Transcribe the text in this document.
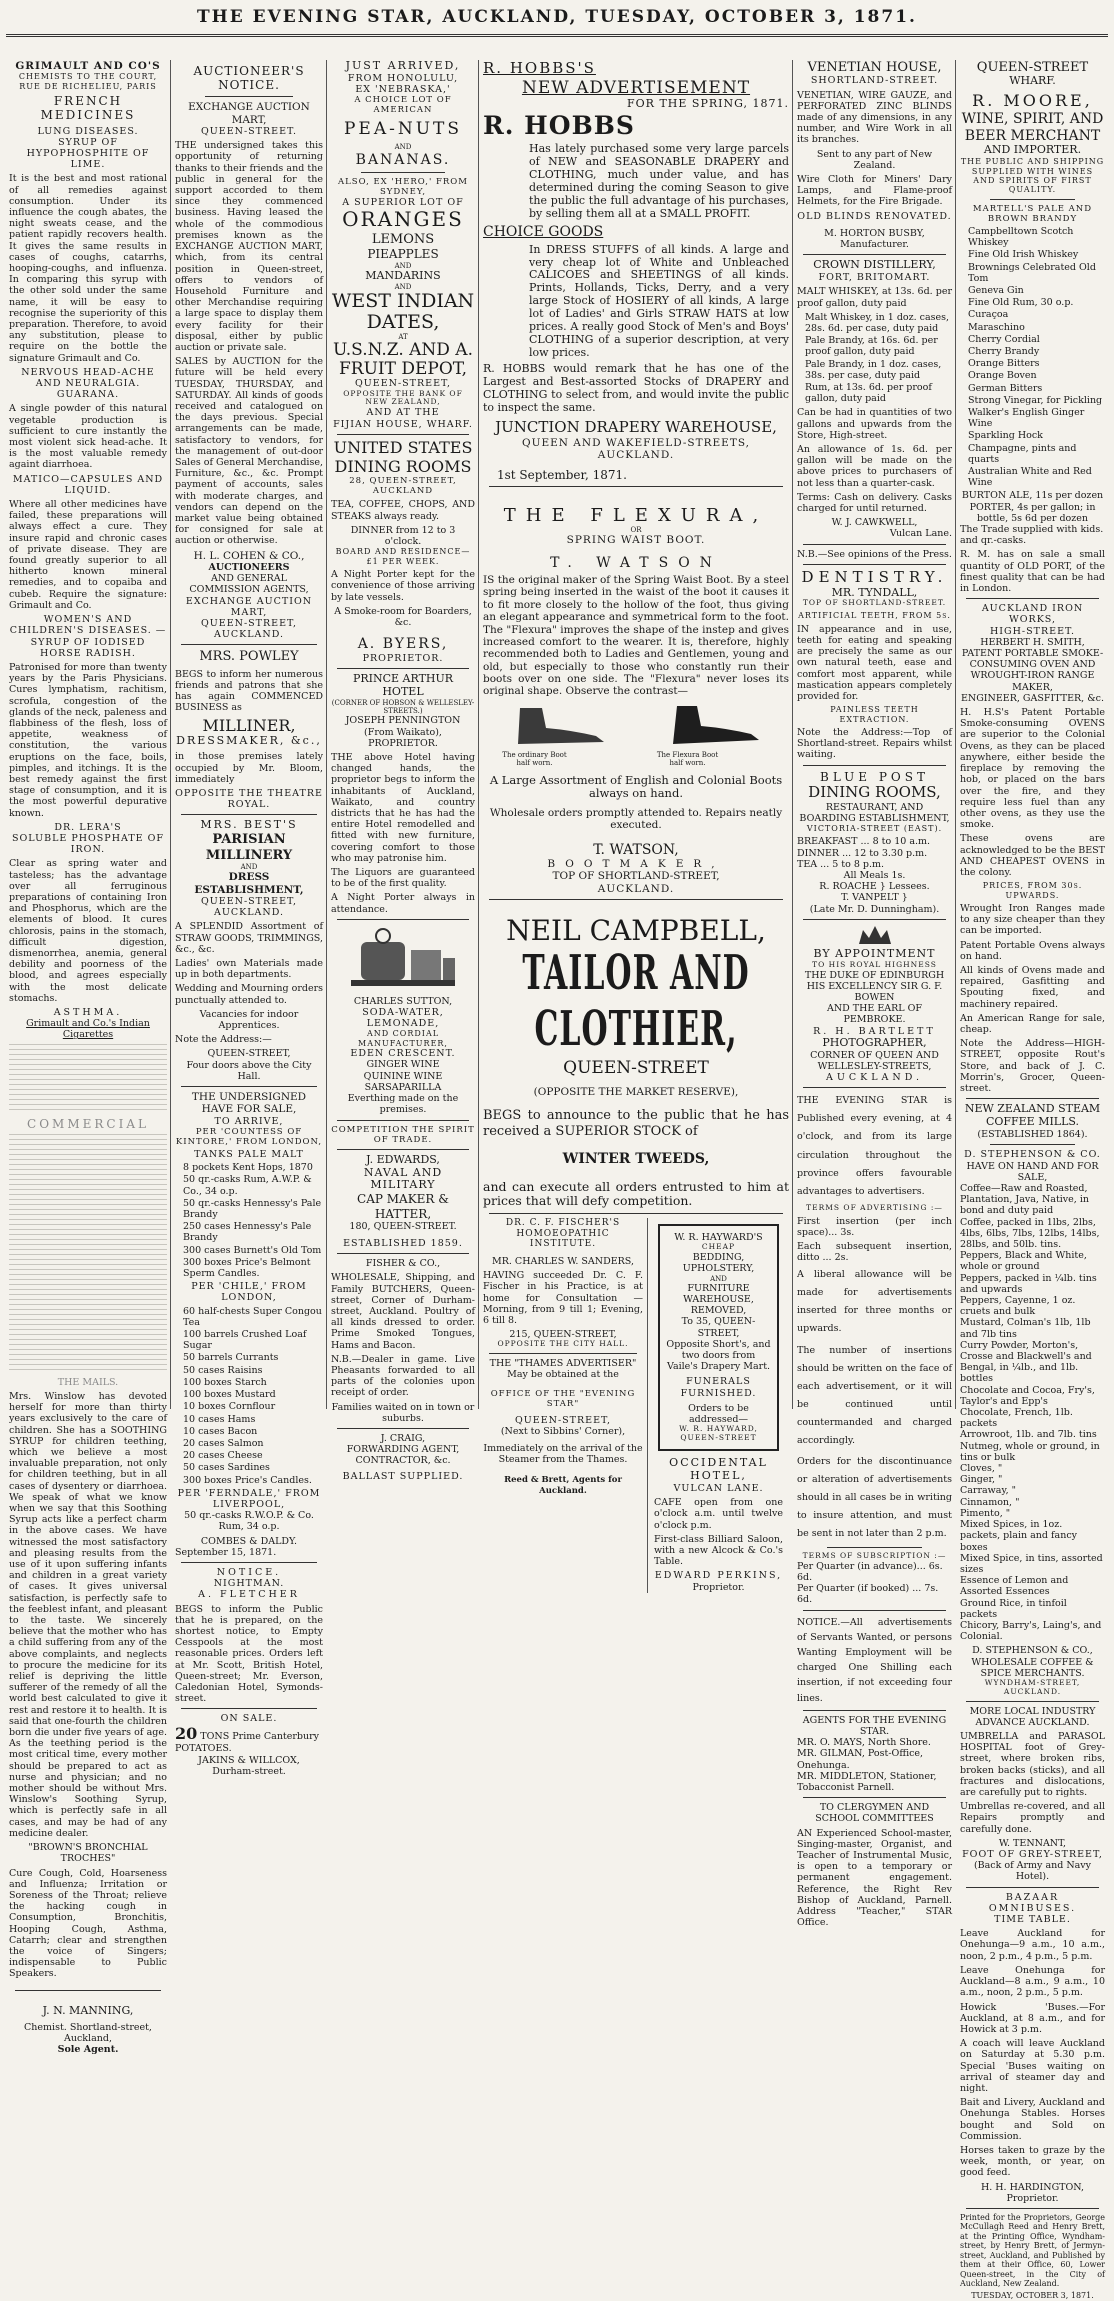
THE EVENING STAR, AUCKLAND, TUESDAY, OCTOBER 3, 1871.
GRIMAULT AND CO'S
CHEMISTS TO THE COURT,
RUE DE RICHELIEU, PARIS
FRENCH MEDICINES
LUNG DISEASES.
SYRUP OF HYPOPHOSPHITE OF LIME.
It is the best and most rational of all remedies against consumption. Under its influence the cough abates, the night sweats cease, and the patient rapidly recovers health. It gives the same results in cases of coughs, catarrhs, hooping-coughs, and influenza. In comparing this syrup with the other sold under the same name, it will be easy to recognise the superiority of this preparation. Therefore, to avoid any substitution, please to require on the bottle the signature Grimault and Co.
NERVOUS HEAD-ACHE AND NEURALGIA.
GUARANA.
A single powder of this natural vegetable production is sufficient to cure instantly the most violent sick head-ache. It is the most valuable remedy againt diarrhoea.
MATICO—CAPSULES AND LIQUID.
Where all other medicines have failed, these preparations will always effect a cure. They insure rapid and chronic cases of private disease. They are found greatly superior to all hitherto known mineral remedies, and to copaiba and cubeb. Require the signature: Grimault and Co.
WOMEN'S AND CHILDREN'S DISEASES. —SYRUP OF IODISED HORSE RADISH.
Patronised for more than twenty years by the Paris Physicians. Cures lymphatism, rachitism, scrofula, congestion of the glands of the neck, paleness and flabbiness of the flesh, loss of appetite, weakness of constitution, the various eruptions on the face, boils, pimples, and itchings. It is the best remedy against the first stage of consumption, and it is the most powerful depurative known.
DR. LERA'S
SOLUBLE PHOSPHATE OF IRON.
Clear as spring water and tasteless; has the advantage over all ferruginous preparations of containing Iron and Phosphorus, which are the elements of blood. It cures chlorosis, pains in the stomach, difficult digestion, dismenorrhea, anemia, general debility and poorness of the blood, and agrees especially with the most delicate stomachs.
ASTHMA.
Grimault and Co.'s Indian Cigarettes
COMMERCIAL
THE MAILS.
Mrs. Winslow has devoted herself for more than thirty years exclusively to the care of children. She has a SOOTHING SYRUP for children teething, which we believe a most invaluable preparation, not only for children teething, but in all cases of dysentery or diarrhoea. We speak of what we know when we say that this Soothing Syrup acts like a perfect charm in the above cases. We have witnessed the most satisfactory and pleasing results from the use of it upon suffering infants and children in a great variety of cases. It gives universal satisfaction, is perfectly safe to the feeblest infant, and pleasant to the taste. We sincerely believe that the mother who has a child suffering from any of the above complaints, and neglects to procure the medicine for its relief is depriving the little sufferer of the remedy of all the world best calculated to give it rest and restore it to health. It is said that one-fourth the children born die under five years of age. As the teething period is the most critical time, every mother should be prepared to act as nurse and physician; and no mother should be without Mrs. Winslow's Soothing Syrup, which is perfectly safe in all cases, and may be had of any medicine dealer.
"BROWN'S BRONCHIAL TROCHES"
Cure Cough, Cold, Hoarseness and Influenza; Irritation or Soreness of the Throat; relieve the hacking cough in Consumption, Bronchitis, Hooping Cough, Asthma, Catarrh; clear and strengthen the voice of Singers; indispensable to Public Speakers.
J. N. MANNING,
Chemist. Shortland-street, Auckland,
Sole Agent.
AUCTIONEER'S NOTICE.
EXCHANGE AUCTION MART,
QUEEN-STREET.
THE undersigned takes this opportunity of returning thanks to their friends and the public in general for the support accorded to them since they commenced business. Having leased the whole of the commodious premises known as the EXCHANGE AUCTION MART, which, from its central position in Queen-street, offers to vendors of Household Furniture and other Merchandise requiring a large space to display them every facility for their disposal, either by public auction or private sale.
SALES by AUCTION for the future will be held every TUESDAY, THURSDAY, and SATURDAY. All kinds of goods received and catalogued on the days previous. Special arrangements can be made, satisfactory to vendors, for the management of out-door Sales of General Merchandise, Furniture, &c., &c. Prompt payment of accounts, sales with moderate charges, and vendors can depend on the market value being obtained for consigned for sale at auction or otherwise.
H. L. COHEN & CO.,
AUCTIONEERS
AND GENERAL COMMISSION AGENTS,
EXCHANGE AUCTION MART,
QUEEN-STREET, AUCKLAND.
MRS. POWLEY
BEGS to inform her numerous friends and patrons that she has again COMMENCED BUSINESS as
MILLINER,
DRESSMAKER, &c.,
in those premises lately occupied by Mr. Bloom, immediately
OPPOSITE THE THEATRE ROYAL.
MRS. BEST'S
PARISIAN MILLINERY
AND
DRESS ESTABLISHMENT,
QUEEN-STREET, AUCKLAND.
A SPLENDID Assortment of STRAW GOODS, TRIMMINGS, &c., &c.
Ladies' own Materials made up in both departments.
Wedding and Mourning orders punctually attended to.
Vacancies for indoor Apprentices.
Note the Address:—
QUEEN-STREET,
Four doors above the City Hall.
THE UNDERSIGNED HAVE FOR SALE,
TO ARRIVE,
PER 'COUNTESS OF KINTORE,' FROM LONDON,
TANKS PALE MALT
8 pockets Kent Hops, 1870
50 qr.-casks Rum, A.W.P. & Co., 34 o.p.
50 qr.-casks Hennessy's Pale Brandy
250 cases Hennessy's Pale Brandy
300 cases Burnett's Old Tom
300 boxes Price's Belmont Sperm Candles.
PER 'CHILE,' FROM LONDON,
60 half-chests Super Congou Tea
100 barrels Crushed Loaf Sugar
50 barrels Currants
50 cases Raisins
100 boxes Starch
100 boxes Mustard
10 boxes Cornflour
10 cases Hams
10 cases Bacon
20 cases Salmon
20 cases Cheese
50 cases Sardines
300 boxes Price's Candles.
PER 'FERNDALE,' FROM LIVERPOOL,
50 qr.-casks R.W.O.P. & Co. Rum, 34 o.p.
COMBES & DALDY.
September 15, 1871.
NOTICE.
NIGHTMAN.
A. FLETCHER
BEGS to inform the Public that he is prepared, on the shortest notice, to Empty Cesspools at the most reasonable prices. Orders left at Mr. Scott, British Hotel, Queen-street; Mr. Everson, Caledonian Hotel, Symonds-street.
ON SALE.
20 TONS Prime Canterbury POTATOES.
JAKINS & WILLCOX,
Durham-street.
JUST ARRIVED,
FROM HONOLULU,
EX 'NEBRASKA,'
A CHOICE LOT OF AMERICAN
PEA-NUTS
AND
BANANAS.
ALSO, EX 'HERO,' FROM SYDNEY,
A SUPERIOR LOT OF
ORANGES
LEMONS
PIEAPPLES
AND
MANDARINS
AND
WEST INDIAN DATES,
AT
U.S.N.Z. AND A. FRUIT DEPOT,
QUEEN-STREET,
OPPOSITE THE BANK OF NEW ZEALAND,
AND AT THE
FIJIAN HOUSE, WHARF.
UNITED STATES
DINING ROOMS
28, QUEEN-STREET, AUCKLAND
TEA, COFFEE, CHOPS, AND STEAKS always ready.
DINNER from 12 to 3 o'clock.
BOARD AND RESIDENCE—£1 PER WEEK.
A Night Porter kept for the convenience of those arriving by late vessels.
A Smoke-room for Boarders, &c.
A. BYERS,
PROPRIETOR.
PRINCE ARTHUR HOTEL
(CORNER OF HOBSON & WELLESLEY-STREETS.)
JOSEPH PENNINGTON
(From Waikato), PROPRIETOR.
THE above Hotel having changed hands, the proprietor begs to inform the inhabitants of Auckland, Waikato, and country districts that he has had the entire Hotel remodelled and fitted with new furniture, covering comfort to those who may patronise him.
The Liquors are guaranteed to be of the first quality.
A Night Porter always in attendance.
CHARLES SUTTON,
SODA-WATER, LEMONADE,
AND CORDIAL MANUFACTURER,
EDEN CRESCENT.
GINGER WINE
QUININE WINE
SARSAPARILLA
Everthing made on the premises.
COMPETITION THE SPIRIT OF TRADE.
J. EDWARDS,
NAVAL AND MILITARY
CAP MAKER & HATTER,
180, QUEEN-STREET.
ESTABLISHED 1859.
FISHER & CO.,
WHOLESALE, Shipping, and Family BUTCHERS, Queen-street, Corner of Durham-street, Auckland. Poultry of all kinds dressed to order. Prime Smoked Tongues, Hams and Bacon.
N.B.—Dealer in game. Live Pheasants forwarded to all parts of the colonies upon receipt of order.
Families waited on in town or suburbs.
J. CRAIG,
FORWARDING AGENT,
CONTRACTOR, &c.
BALLAST SUPPLIED.
R. HOBBS'S
NEW ADVERTISEMENT
FOR THE SPRING, 1871.
R. HOBBS
Has lately purchased some very large parcels of NEW and SEASONABLE DRAPERY and CLOTHING, much under value, and has determined during the coming Season to give the public the full advantage of his purchases, by selling them all at a SMALL PROFIT.
CHOICE GOODS
In DRESS STUFFS of all kinds. A large and very cheap lot of White and Unbleached CALICOES and SHEETINGS of all kinds. Prints, Hollands, Ticks, Derry, and a very large Stock of HOSIERY of all kinds, A large lot of Ladies' and Girls STRAW HATS at low prices. A really good Stock of Men's and Boys' CLOTHING of a superior description, at very low prices.
R. HOBBS would remark that he has one of the Largest and Best-assorted Stocks of DRAPERY and CLOTHING to select from, and would invite the public to inspect the same.
JUNCTION DRAPERY WAREHOUSE,
QUEEN AND WAKEFIELD-STREETS, AUCKLAND.
1st September, 1871.
THE FLEXURA,
OR
SPRING WAIST BOOT.
T. WATSON
IS the original maker of the Spring Waist Boot. By a steel spring being inserted in the waist of the boot it causes it to fit more closely to the hollow of the foot, thus giving an elegant appearance and symmetrical form to the foot. The "Flexura" improves the shape of the instep and gives increased comfort to the wearer. It is, therefore, highly recommended both to Ladies and Gentlemen, young and old, but especially to those who constantly run their boots over on one side. The "Flexura" never loses its original shape. Observe the contrast—
The ordinary Boot half worn.
The Flexura Boot half worn.
A Large Assortment of English and Colonial Boots always on hand.
Wholesale orders promptly attended to. Repairs neatly executed.
T. WATSON,
BOOTMAKER,
TOP OF SHORTLAND-STREET,
AUCKLAND.
NEIL CAMPBELL,
TAILOR AND CLOTHIER,
QUEEN-STREET
(OPPOSITE THE MARKET RESERVE),
BEGS to announce to the public that he has received a SUPERIOR STOCK of
WINTER TWEEDS,
and can execute all orders entrusted to him at prices that will defy competition.
DR. C. F. FISCHER'S HOMOEOPATHIC INSTITUTE.
MR. CHARLES W. SANDERS,
HAVING succeeded Dr. C. F. Fischer in his Practice, is at home for Consultation —Morning, from 9 till 1; Evening, 6 till 8.
215, QUEEN-STREET,
OPPOSITE THE CITY HALL.
THE "THAMES ADVERTISER"
May be obtained at the
OFFICE OF THE "EVENING STAR"
QUEEN-STREET,
(Next to Sibbins' Corner),
Immediately on the arrival of the Steamer from the Thames.
Reed & Brett, Agents for Auckland.
W. R. HAYWARD'S
CHEAP
BEDDING, UPHOLSTERY,
AND
FURNITURE WAREHOUSE,
REMOVED,
To 35, QUEEN-STREET,
Opposite Short's, and two doors from Vaile's Drapery Mart.
FUNERALS FURNISHED.
Orders to be addressed—
W. R. HAYWARD, QUEEN-STREET
OCCIDENTAL HOTEL,
VULCAN LANE.
CAFE open from one o'clock a.m. until twelve o'clock p.m.
First-class Billiard Saloon, with a new Alcock & Co.'s Table.
EDWARD PERKINS,
Proprietor.
VENETIAN HOUSE,
SHORTLAND-STREET.
VENETIAN, WIRE GAUZE, and PERFORATED ZINC BLINDS made of any dimensions, in any number, and Wire Work in all its branches.
Sent to any part of New Zealand.
Wire Cloth for Miners' Dary Lamps, and Flame-proof Helmets, for the Fire Brigade.
OLD BLINDS RENOVATED.
M. HORTON BUSBY,
Manufacturer.
CROWN DISTILLERY,
FORT, BRITOMART.
MALT WHISKEY, at 13s. 6d. per proof gallon, duty paid
Malt Whiskey, in 1 doz. cases, 28s. 6d. per case, duty paid
Pale Brandy, at 16s. 6d. per proof gallon, duty paid
Pale Brandy, in 1 doz. cases, 38s. per case, duty paid
Rum, at 13s. 6d. per proof gallon, duty paid
Can be had in quantities of two gallons and upwards from the Store, High-street.
An allowance of 1s. 6d. per gallon will be made on the above prices to purchasers of not less than a quarter-cask.
Terms: Cash on delivery. Casks charged for until returned.
W. J. CAWKWELL,
Vulcan Lane.
N.B.—See opinions of the Press.
DENTISTRY.
MR. TYNDALL,
TOP OF SHORTLAND-STREET.
ARTIFICIAL TEETH, FROM 5s.
IN appearance and in use, teeth for eating and speaking are precisely the same as our own natural teeth, ease and comfort most apparent, while mastication appears completely provided for.
PAINLESS TEETH EXTRACTION.
Note the Address:—Top of Shortland-street. Repairs whilst waiting.
BLUE POST
DINING ROOMS,
RESTAURANT, AND BOARDING ESTABLISHMENT,
VICTORIA-STREET (EAST).
BREAKFAST ... 8 to 10 a.m.
DINNER ... 12 to 3.30 p.m.
TEA ... 5 to 8 p.m.
All Meals 1s.
R. ROACHE } Lessees.
T. VANPELT }
(Late Mr. D. Dunningham).
BY APPOINTMENT
TO HIS ROYAL HIGHNESS
THE DUKE OF EDINBURGH
HIS EXCELLENCY SIR G. F. BOWEN
AND THE EARL OF PEMBROKE.
R. H. BARTLETT
PHOTOGRAPHER,
CORNER OF QUEEN AND WELLESLEY-STREETS,
AUCKLAND.
THE EVENING STAR is Published every evening, at 4 o'clock, and from its large circulation throughout the province offers favourable advantages to advertisers.
TERMS OF ADVERTISING :—
First insertion (per inch space)... 3s.
Each subsequent insertion, ditto ... 2s.
A liberal allowance will be made for advertisements inserted for three months or upwards.
The number of insertions should be written on the face of each advertisement, or it will be continued until countermanded and charged accordingly.
Orders for the discontinuance or alteration of advertisements should in all cases be in writing to insure attention, and must be sent in not later than 2 p.m.
TERMS OF SUBSCRIPTION :—
Per Quarter (in advance)... 6s. 6d.
Per Quarter (if booked) ... 7s. 6d.
NOTICE.—All advertisements of Servants Wanted, or persons Wanting Employment will be charged One Shilling each insertion, if not exceeding four lines.
AGENTS FOR THE EVENING STAR.
MR. O. MAYS, North Shore.
MR. GILMAN, Post-Office, Onehunga.
MR. MIDDLETON, Stationer, Tobacconist Parnell.
TO CLERGYMEN AND SCHOOL COMMITTEES
AN Experienced School-master, Singing-master, Organist, and Teacher of Instrumental Music, is open to a temporary or permanent engagement. Reference, the Right Rev Bishop of Auckland, Parnell. Address "Teacher," STAR Office.
QUEEN-STREET
WHARF.
R. MOORE,
WINE, SPIRIT, AND
BEER MERCHANT
AND IMPORTER.
THE PUBLIC AND SHIPPING SUPPLIED WITH WINES AND SPIRITS OF FIRST QUALITY.
MARTELL'S PALE AND BROWN BRANDY
Campbelltown Scotch Whiskey
Fine Old Irish Whiskey
Brownings Celebrated Old Tom
Geneva Gin
Fine Old Rum, 30 o.p.
Curaçoa
Maraschino
Cherry Cordial
Cherry Brandy
Orange Bitters
Orange Boven
German Bitters
Strong Vinegar, for Pickling
Walker's English Ginger Wine
Sparkling Hock
Champagne, pints and quarts
Australian White and Red Wine
BURTON ALE, 11s per dozen
PORTER, 4s per gallon; in bottle, 5s 6d per dozen
The Trade supplied with kids. and qr.-casks.
R. M. has on sale a small quantity of OLD PORT, of the finest quality that can be had in London.
AUCKLAND IRON WORKS,
HIGH-STREET.
HERBERT H. SMITH,
PATENT PORTABLE SMOKE-CONSUMING OVEN AND WROUGHT-IRON RANGE MAKER,
ENGINEER, GASFITTER, &c.
H. H.S's Patent Portable Smoke-consuming OVENS are superior to the Colonial Ovens, as they can be placed anywhere, either beside the fireplace by removing the hob, or placed on the bars over the fire, and they require less fuel than any other ovens, as they use the smoke.
These ovens are acknowledged to be the BEST AND CHEAPEST OVENS in the colony.
PRICES, FROM 30s. UPWARDS.
Wrought Iron Ranges made to any size cheaper than they can be imported.
Patent Portable Ovens always on hand.
All kinds of Ovens made and repaired, Gasfitting and Spouting fixed, and machinery repaired.
An American Range for sale, cheap.
Note the Address—HIGH-STREET, opposite Rout's Store, and back of J. C. Morrin's, Grocer, Queen-street.
NEW ZEALAND STEAM COFFEE MILLS.
(ESTABLISHED 1864).
D. STEPHENSON & CO.
HAVE ON HAND AND FOR SALE,
Coffee—Raw and Roasted, Plantation, Java, Native, in bond and duty paid
Coffee, packed in 1lbs, 2lbs, 4lbs, 6lbs, 7lbs, 12lbs, 14lbs, 28lbs, and 50lb. tins.
Peppers, Black and White, whole or ground
Peppers, packed in ¼lb. tins and upwards
Peppers, Cayenne, 1 oz. cruets and bulk
Mustard, Colman's 1lb, 1lb and 7lb tins
Curry Powder, Morton's, Crosse and Blackwell's and Bengal, in ¼lb., and 1lb. bottles
Chocolate and Cocoa, Fry's, Taylor's and Epp's
Chocolate, French, 1lb. packets
Arrowroot, 1lb. and 7lb. tins
Nutmeg, whole or ground, in tins or bulk
Cloves, "
Ginger, "
Carraway, "
Cinnamon, "
Pimento, "
Mixed Spices, in 1oz. packets, plain and fancy boxes
Mixed Spice, in tins, assorted sizes
Essence of Lemon and Assorted Essences
Ground Rice, in tinfoil packets
Chicory, Barry's, Laing's, and Colonial.
D. STEPHENSON & CO.,
WHOLESALE COFFEE & SPICE MERCHANTS.
WYNDHAM-STREET, AUCKLAND.
MORE LOCAL INDUSTRY
ADVANCE AUCKLAND.
UMBRELLA and PARASOL HOSPITAL foot of Grey-street, where broken ribs, broken backs (sticks), and all fractures and dislocations, are carefully put to rights.
Umbrellas re-covered, and all Repairs promptly and carefully done.
W. TENNANT,
FOOT OF GREY-STREET,
(Back of Army and Navy Hotel).
BAZAAR OMNIBUSES.
TIME TABLE.
Leave Auckland for Onehunga—9 a.m., 10 a.m., noon, 2 p.m., 4 p.m., 5 p.m.
Leave Onehunga for Auckland—8 a.m., 9 a.m., 10 a.m., noon, 2 p.m., 5 p.m.
Howick 'Buses.—For Auckland, at 8 a.m., and for Howick at 3 p.m.
A coach will leave Auckland on Saturday at 5.30 p.m. Special 'Buses waiting on arrival of steamer day and night.
Bait and Livery, Auckland and Onehunga Stables. Horses bought and Sold on Commission.
Horses taken to graze by the week, month, or year, on good feed.
H. H. HARDINGTON,
Proprietor.
Printed for the Proprietors, George McCullagh Reed and Henry Brett, at the Printing Office, Wyndham-street, by Henry Brett, of Jermyn-street, Auckland, and Published by them at their Office, 60, Lower Queen-street, in the City of Auckland, New Zealand.
TUESDAY, OCTOBER 3, 1871.
